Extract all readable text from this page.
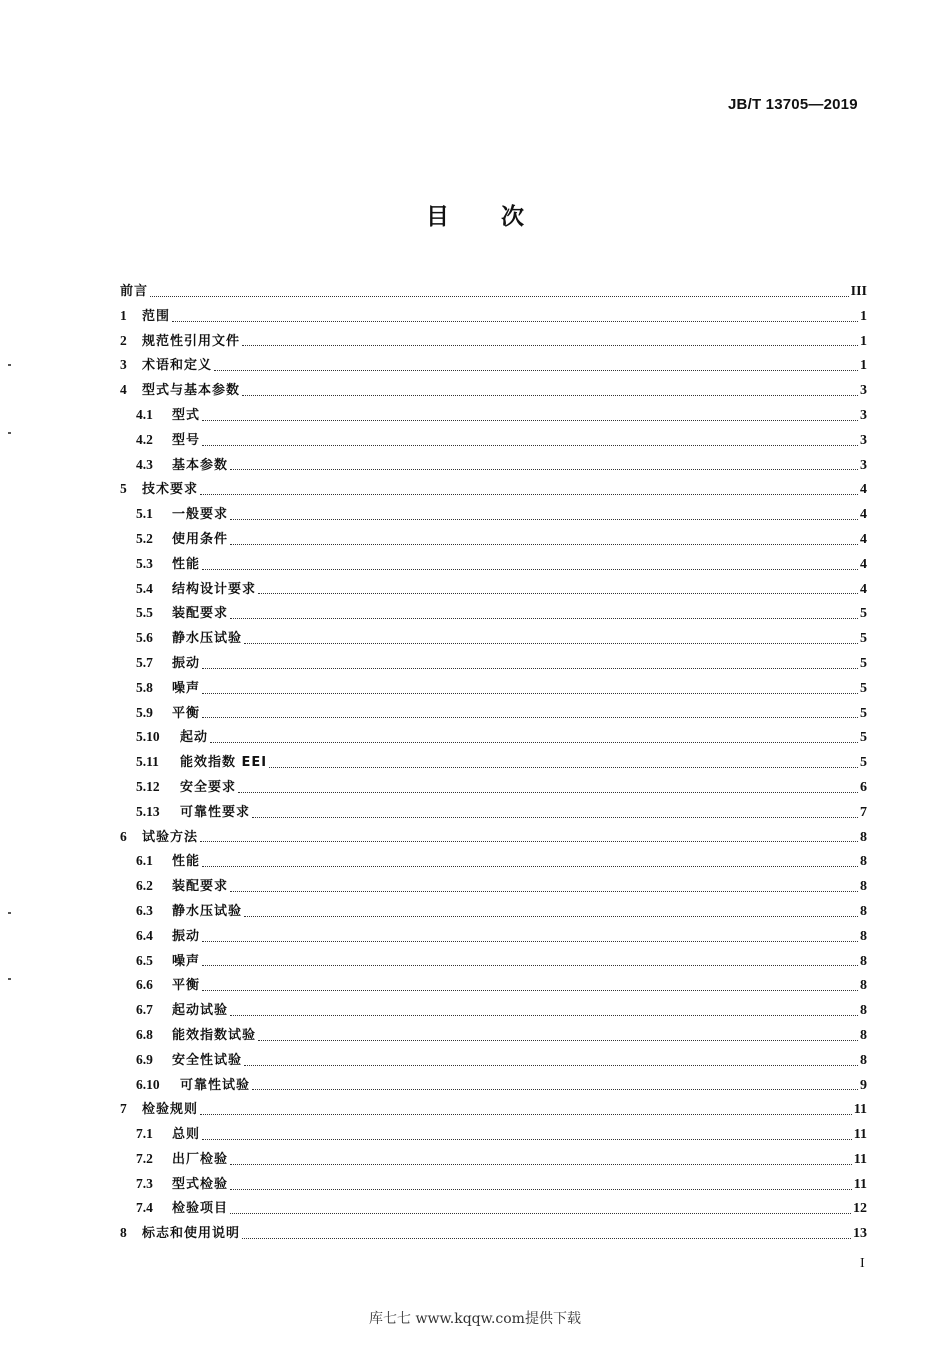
JB/T 13705—2019
目 次
前言	III
1	范围	1
2	规范性引用文件	1
3	术语和定义	1
4	型式与基本参数	3
4.1	型式	3
4.2	型号	3
4.3	基本参数	3
5	技术要求	4
5.1	一般要求	4
5.2	使用条件	4
5.3	性能	4
5.4	结构设计要求	4
5.5	装配要求	5
5.6	静水压试验	5
5.7	振动	5
5.8	噪声	5
5.9	平衡	5
5.10	起动	5
5.11	能效指数 EEI	5
5.12	安全要求	6
5.13	可靠性要求	7
6	试验方法	8
6.1	性能	8
6.2	装配要求	8
6.3	静水压试验	8
6.4	振动	8
6.5	噪声	8
6.6	平衡	8
6.7	起动试验	8
6.8	能效指数试验	8
6.9	安全性试验	8
6.10	可靠性试验	9
7	检验规则	11
7.1	总则	11
7.2	出厂检验	11
7.3	型式检验	11
7.4	检验项目	12
8	标志和使用说明	13
I
库七七 www.kqqw.com提供下载
